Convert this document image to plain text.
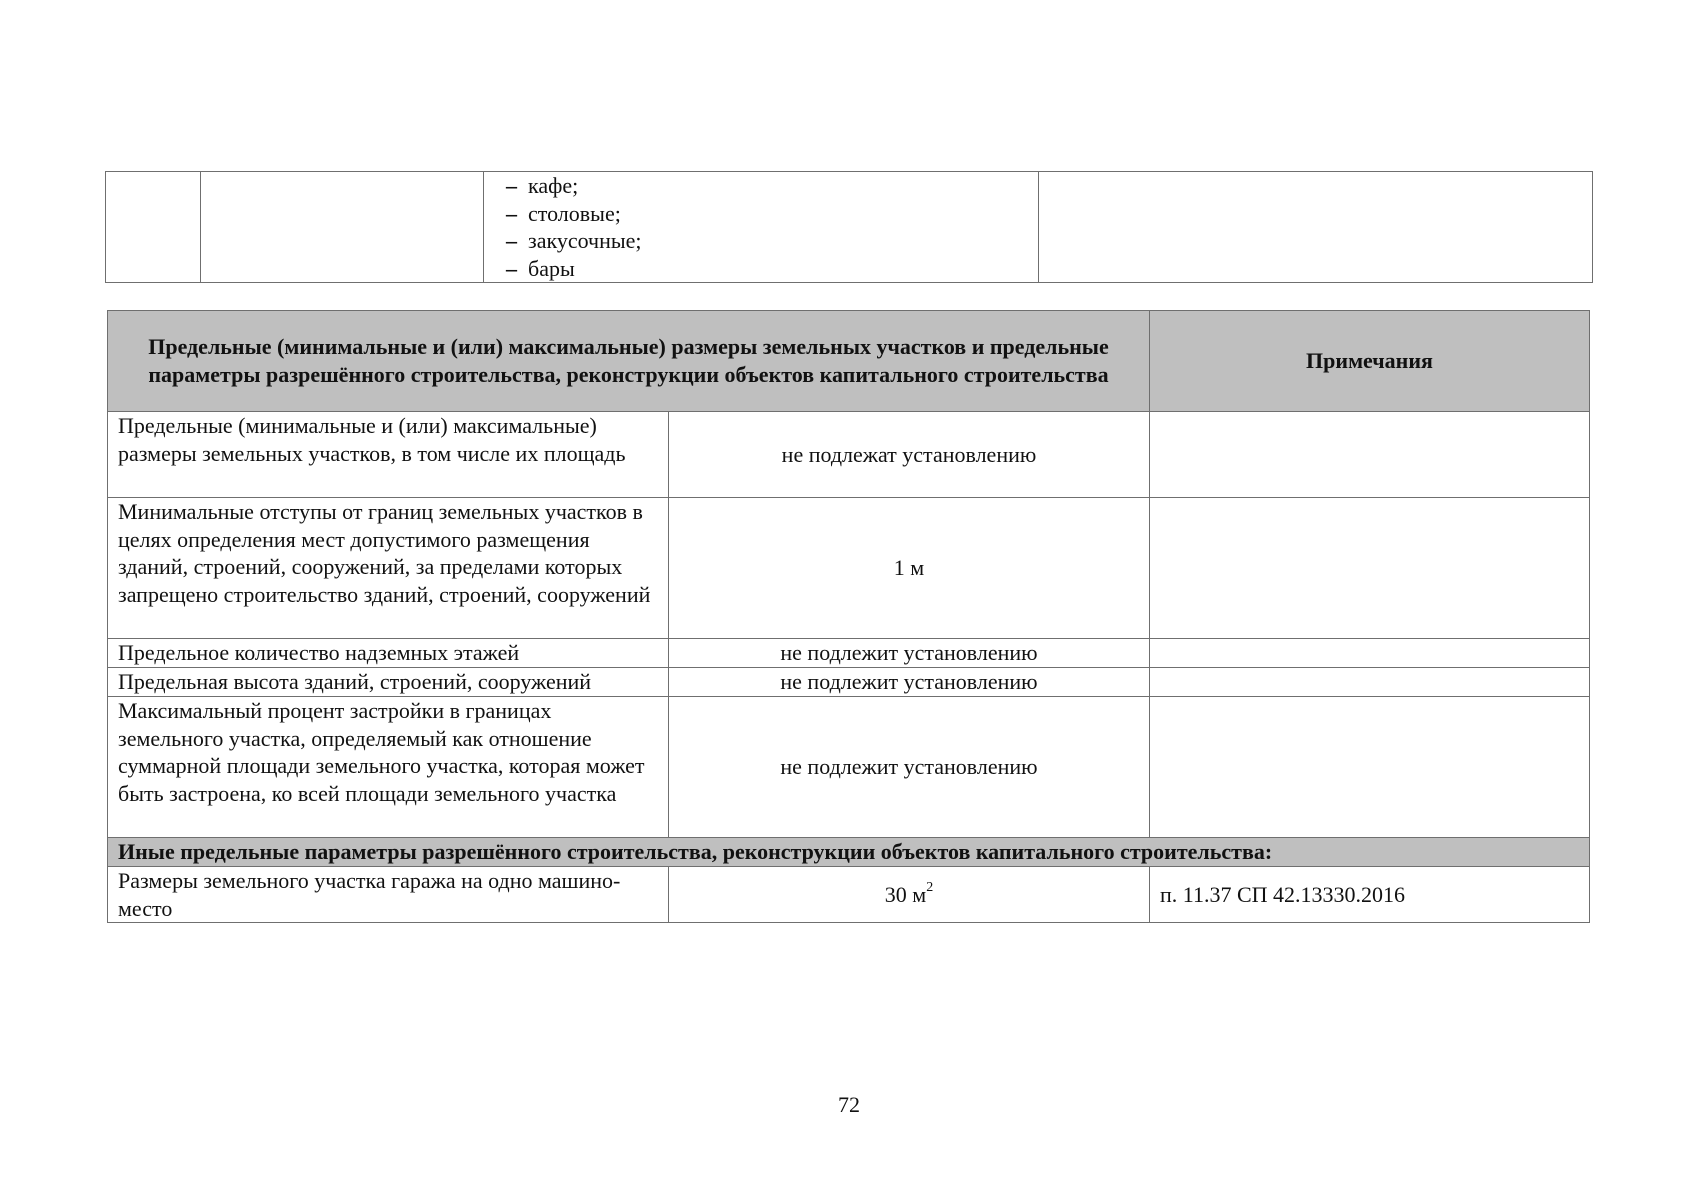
– кафе;
– столовые;
– закусочные;
– бары

Предельные (минимальные и (или) максимальные) размеры земельных участков и предельные параметры разрешённого строительства, реконструкции объектов капитального строительства		Примечания
Предельные (минимальные и (или) максимальные) размеры земельных участков, в том числе их площадь	не подлежат установлению	
Минимальные отступы от границ земельных участков в целях определения мест допустимого размещения зданий, строений, сооружений, за пределами которых запрещено строительство зданий, строений, сооружений	1 м	
Предельное количество надземных этажей	не подлежит установлению	
Предельная высота зданий, строений, сооружений	не подлежит установлению	
Максимальный процент застройки в границах земельного участка, определяемый как отношение суммарной площади земельного участка, которая может быть застроена, ко всей площади земельного участка	не подлежит установлению	
Иные предельные параметры разрешённого строительства, реконструкции объектов капитального строительства:		
Размеры земельного участка гаража на одно машино-место	30 $м^2$	п. 11.37 СП 42.13330.2016
72
